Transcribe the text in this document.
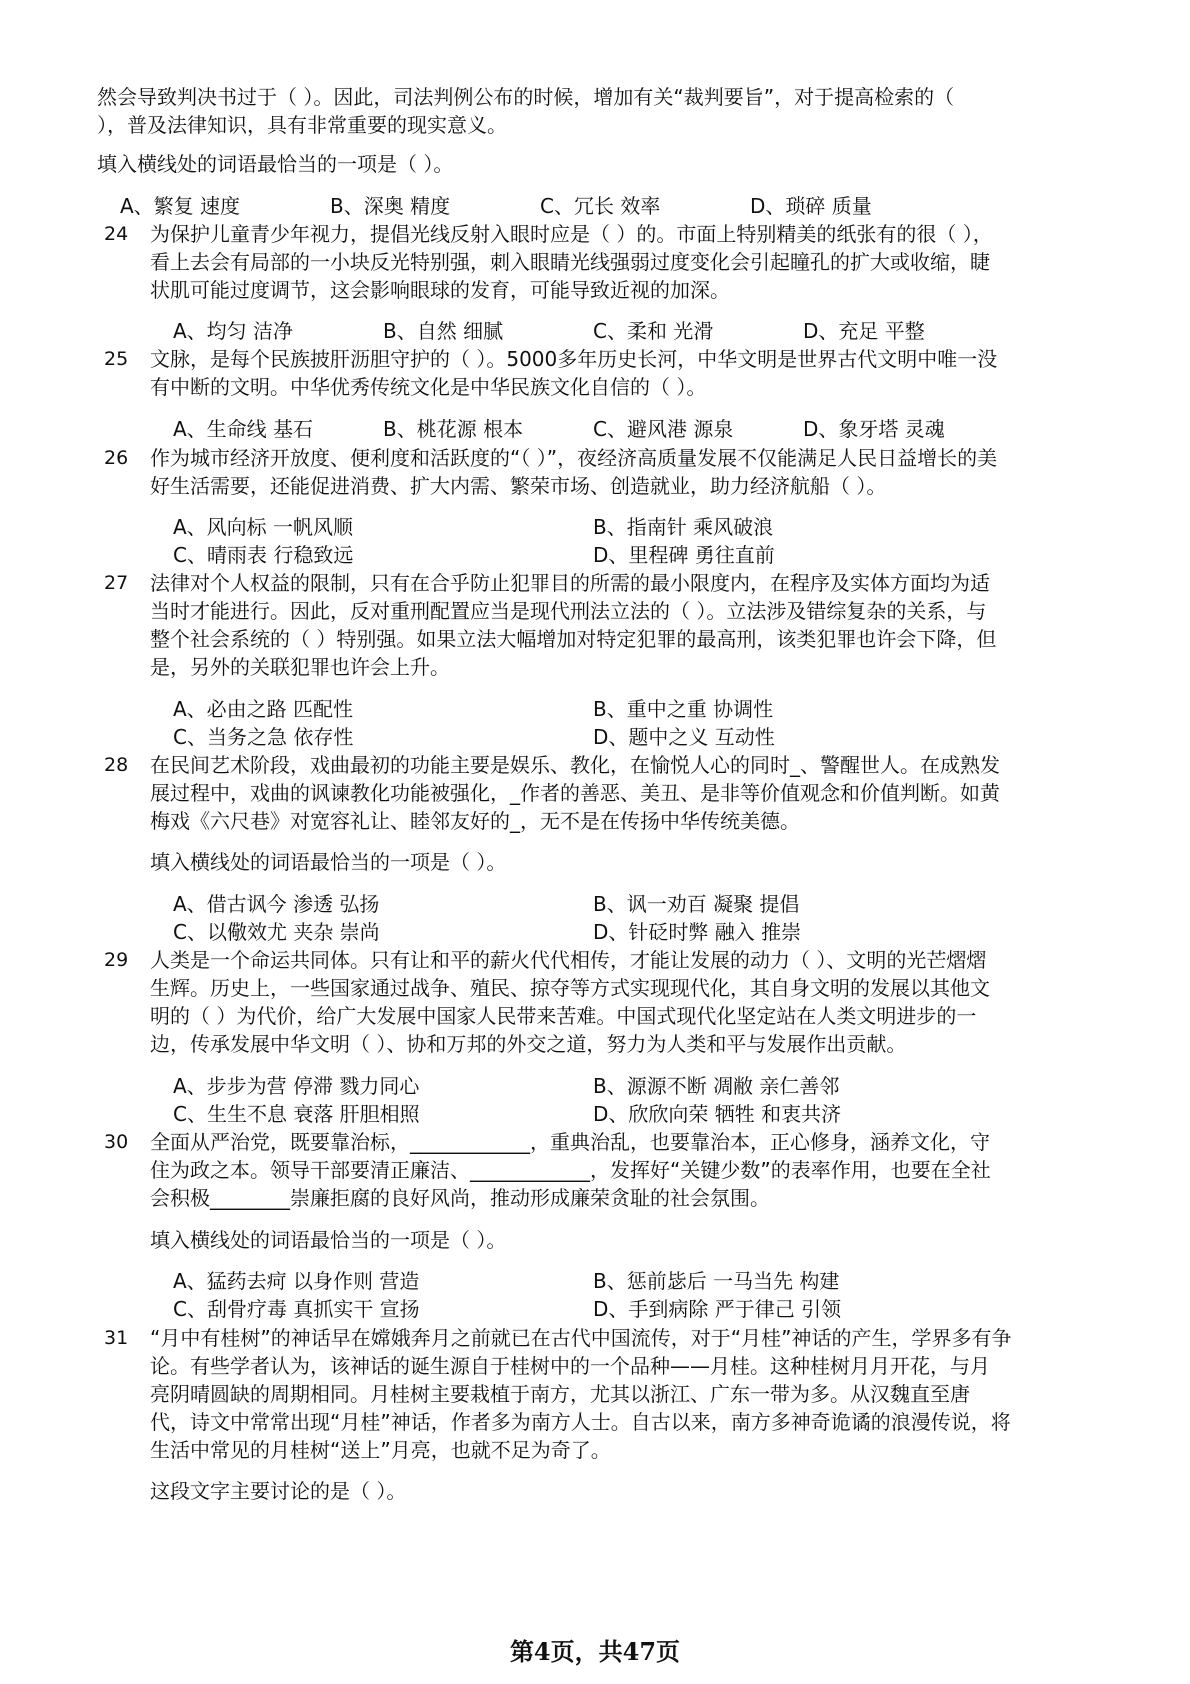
然会导致判决书过于（ ）。因此，司法判例公布的时候，增加有关“裁判要旨”，对于提高检索的（
），普及法律知识，具有非常重要的现实意义。
填入横线处的词语最恰当的一项是（ ）。
A、繁复 速度	B、深奥 精度	C、冗长 效率	D、琐碎 质量
24 为保护儿童青少年视力，提倡光线反射入眼时应是（ ）的。市面上特别精美的纸张有的很（ ），
看上去会有局部的一小块反光特别强，刺入眼睛光线强弱过度变化会引起瞳孔的扩大或收缩，睫
状肌可能过度调节，这会影响眼球的发育，可能导致近视的加深。
A、均匀 洁净	B、自然 细腻	C、柔和 光滑	D、充足 平整
25 文脉，是每个民族披肝沥胆守护的（ ）。5000多年历史长河，中华文明是世界古代文明中唯一没
有中断的文明。中华优秀传统文化是中华民族文化自信的（ ）。
A、生命线 基石	B、桃花源 根本	C、避风港 源泉	D、象牙塔 灵魂
26 作为城市经济开放度、便利度和活跃度的“（ ）”，夜经济高质量发展不仅能满足人民日益增长的美
好生活需要，还能促进消费、扩大内需、繁荣市场、创造就业，助力经济航船（ ）。
A、风向标 一帆风顺	B、指南针 乘风破浪
C、晴雨表 行稳致远	D、里程碑 勇往直前
27 法律对个人权益的限制，只有在合乎防止犯罪目的所需的最小限度内，在程序及实体方面均为适
当时才能进行。因此，反对重刑配置应当是现代刑法立法的（ ）。立法涉及错综复杂的关系，与
整个社会系统的（ ）特别强。如果立法大幅增加对特定犯罪的最高刑，该类犯罪也许会下降，但
是，另外的关联犯罪也许会上升。
A、必由之路 匹配性	B、重中之重 协调性
C、当务之急 依存性	D、题中之义 互动性
28 在民间艺术阶段，戏曲最初的功能主要是娱乐、教化，在愉悦人心的同时_、警醒世人。在成熟发
展过程中，戏曲的讽谏教化功能被强化，_作者的善恶、美丑、是非等价值观念和价值判断。如黄
梅戏《六尺巷》对宽容礼让、睦邻友好的_，无不是在传扬中华传统美德。
填入横线处的词语最恰当的一项是（ ）。
A、借古讽今 渗透 弘扬	B、讽一劝百 凝聚 提倡
C、以儆效尤 夹杂 崇尚	D、针砭时弊 融入 推崇
29 人类是一个命运共同体。只有让和平的薪火代代相传，才能让发展的动力（ ）、文明的光芒熠熠
生辉。历史上，一些国家通过战争、殖民、掠夺等方式实现现代化，其自身文明的发展以其他文
明的（ ）为代价，给广大发展中国家人民带来苦难。中国式现代化坚定站在人类文明进步的一
边，传承发展中华文明（ ）、协和万邦的外交之道，努力为人类和平与发展作出贡献。
A、步步为营 停滞 戮力同心	B、源源不断 凋敝 亲仁善邻
C、生生不息 衰落 肝胆相照	D、欣欣向荣 牺牲 和衷共济
30 全面从严治党，既要靠治标，____________，重典治乱，也要靠治本，正心修身，涵养文化，守
住为政之本。领导干部要清正廉洁、____________，发挥好“关键少数”的表率作用，也要在全社
会积极________崇廉拒腐的良好风尚，推动形成廉荣贪耻的社会氛围。
填入横线处的词语最恰当的一项是（ ）。
A、猛药去疴 以身作则 营造	B、惩前毖后 一马当先 构建
C、刮骨疗毒 真抓实干 宣扬	D、手到病除 严于律己 引领
31 “月中有桂树”的神话早在嫦娥奔月之前就已在古代中国流传，对于“月桂”神话的产生，学界多有争
论。有些学者认为，该神话的诞生源自于桂树中的一个品种——月桂。这种桂树月月开花，与月
亮阴晴圆缺的周期相同。月桂树主要栽植于南方，尤其以浙江、广东一带为多。从汉魏直至唐
代，诗文中常常出现“月桂”神话，作者多为南方人士。自古以来，南方多神奇诡谲的浪漫传说，将
生活中常见的月桂树“送上”月亮，也就不足为奇了。
这段文字主要讨论的是（ ）。
第4页，共47页
